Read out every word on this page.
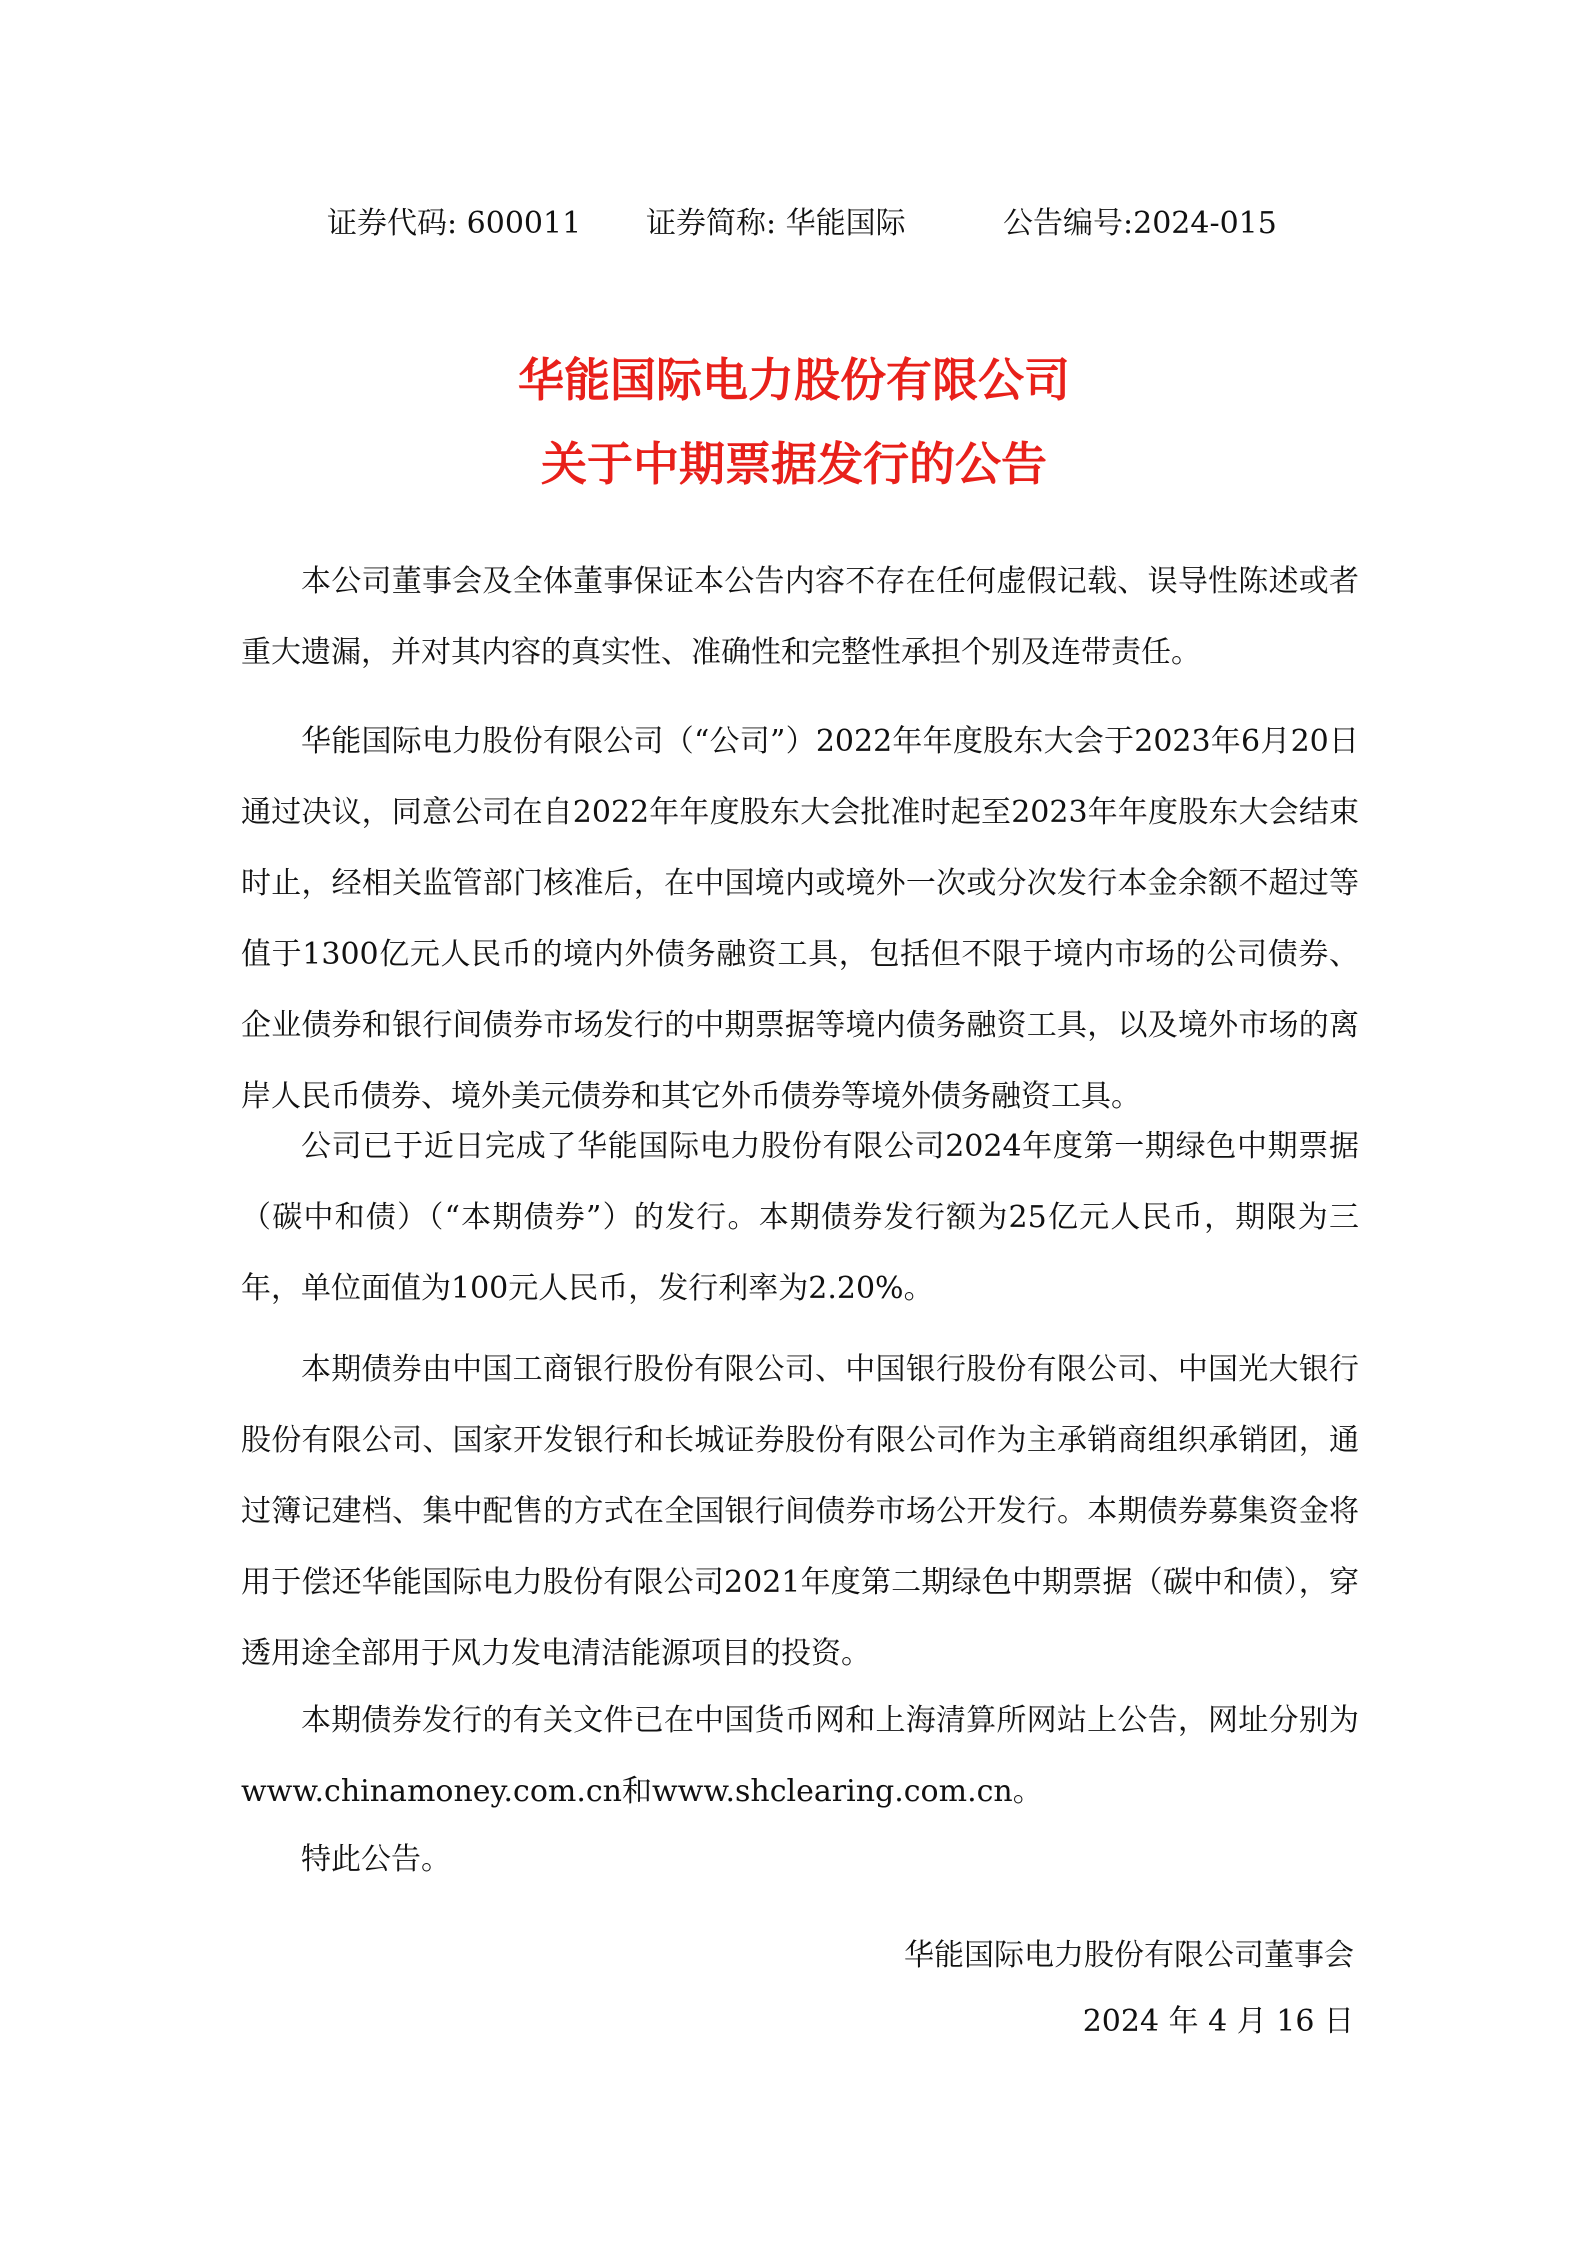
证券代码: 600011 证券简称: 华能国际	公告编号:2024-015
华能国际电力股份有限公司
关于中期票据发行的公告

本公司董事会及全体董事保证本公告内容不存在任何虚假记载、误导性陈述或者重大遗漏，并对其内容的真实性、准确性和完整性承担个别及连带责任。

华能国际电力股份有限公司（“公司”）2022年年度股东大会于2023年6月20日通过决议，同意公司在自2022年年度股东大会批准时起至2023年年度股东大会结束时止，经相关监管部门核准后，在中国境内或境外一次或分次发行本金余额不超过等值于1300亿元人民币的境内外债务融资工具，包括但不限于境内市场的公司债券、企业债券和银行间债券市场发行的中期票据等境内债务融资工具，以及境外市场的离岸人民币债券、境外美元债券和其它外币债券等境外债务融资工具。

公司已于近日完成了华能国际电力股份有限公司2024年度第一期绿色中期票据（碳中和债）（“本期债券”）的发行。本期债券发行额为25亿元人民币，期限为三年，单位面值为100元人民币，发行利率为2.20%。

本期债券由中国工商银行股份有限公司、中国银行股份有限公司、中国光大银行股份有限公司、国家开发银行和长城证券股份有限公司作为主承销商组织承销团，通过簿记建档、集中配售的方式在全国银行间债券市场公开发行。本期债券募集资金将用于偿还华能国际电力股份有限公司2021年度第二期绿色中期票据（碳中和债），穿透用途全部用于风力发电清洁能源项目的投资。

本期债券发行的有关文件已在中国货币网和上海清算所网站上公告，网址分别为www.chinamoney.com.cn和www.shclearing.com.cn。

特此公告。

华能国际电力股份有限公司董事会
2024 年 4 月 16 日
